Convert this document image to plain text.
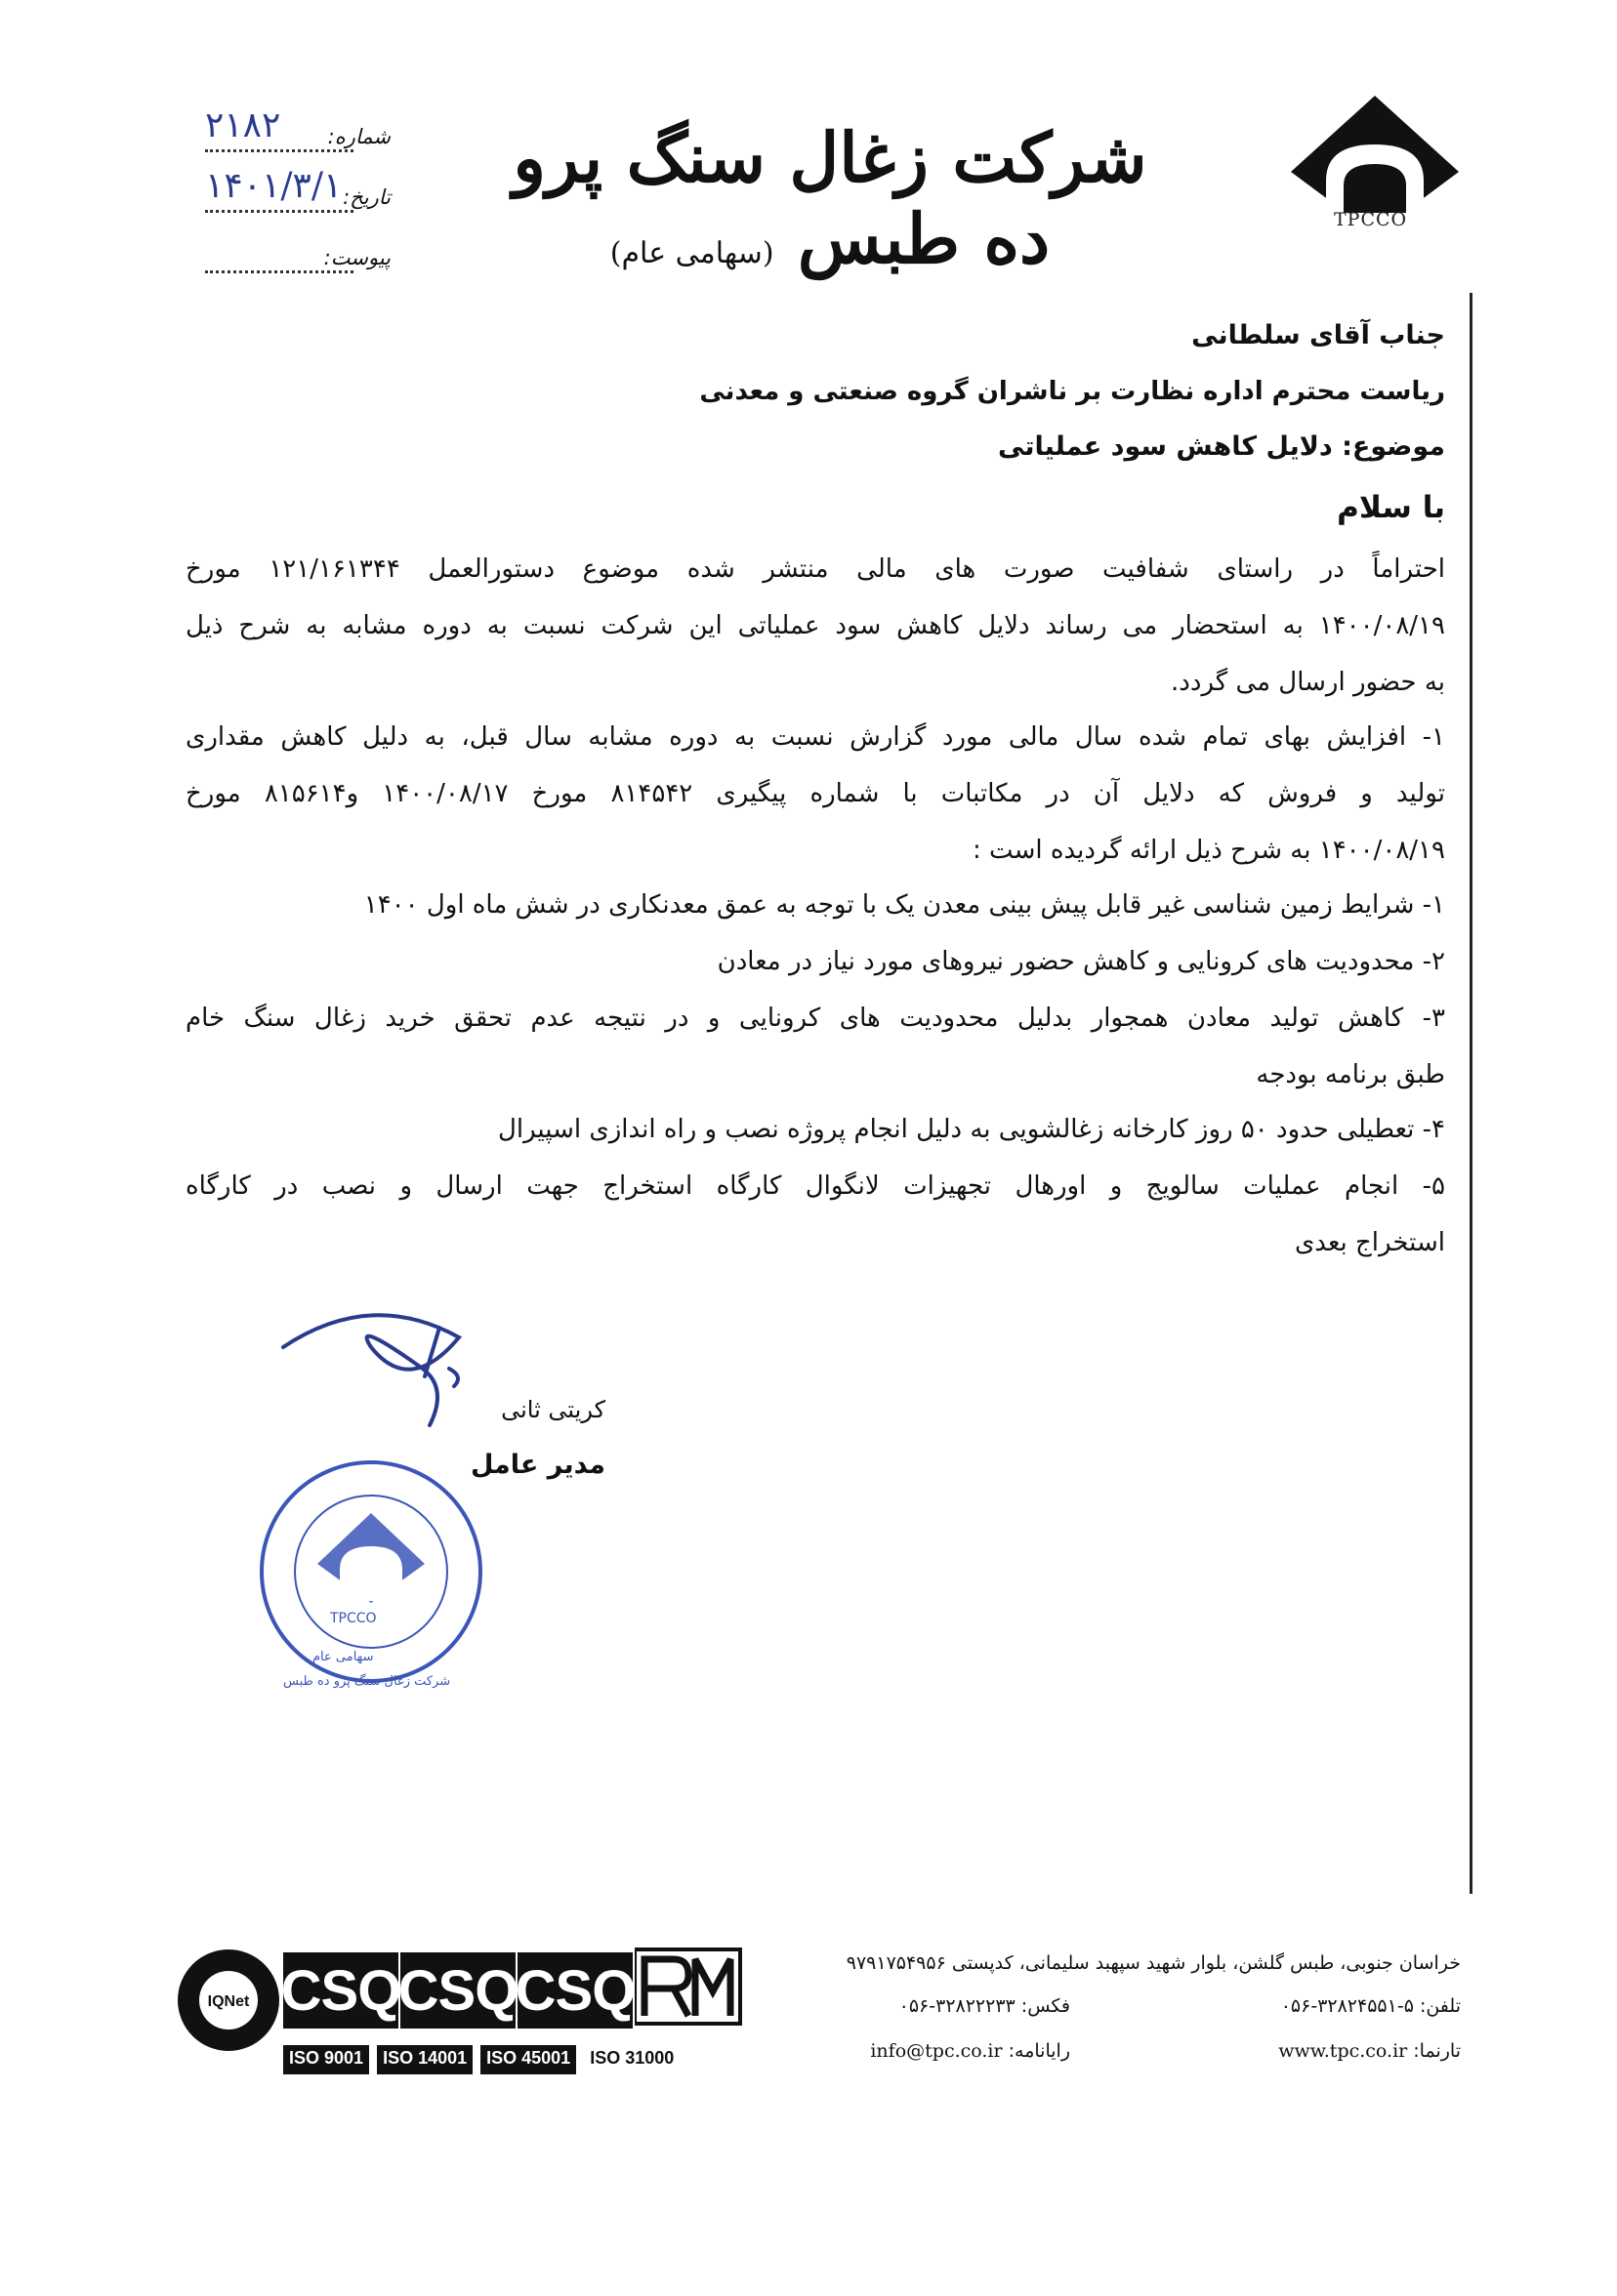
TPCCO
شرکت زغال سنگ پرو ده طبس (سهامی عام)
شماره:
٢١٨٢
تاریخ:
١۴٠١/٣/١
پیوست:
جناب آقای سلطانی
ریاست محترم اداره نظارت بر ناشران گروه صنعتی و معدنی
موضوع: دلایل کاهش سود عملیاتی
با سلام
احتراماً در راستای شفافیت صورت های مالی منتشر شده موضوع دستورالعمل ۱۲۱/۱۶۱۳۴۴ مورخ
۱۴۰۰/۰۸/۱۹ به استحضار می رساند دلایل کاهش سود عملیاتی این شرکت نسبت به دوره مشابه به شرح ذیل
به حضور ارسال می گردد.
۱- افزایش بهای تمام شده سال مالی مورد گزارش نسبت به دوره مشابه سال قبل، به دلیل کاهش مقداری
تولید و فروش که دلایل آن در مکاتبات با شماره پیگیری ۸۱۴۵۴۲ مورخ ۱۴۰۰/۰۸/۱۷ و۸۱۵۶۱۴ مورخ
۱۴۰۰/۰۸/۱۹ به شرح ذیل ارائه گردیده است :
۱- شرایط زمین شناسی غیر قابل پیش بینی معدن یک با توجه به عمق معدنکاری در شش ماه اول ۱۴۰۰
۲- محدودیت های کرونایی و کاهش حضور نیروهای مورد نیاز در معادن
۳- کاهش تولید معادن همجوار بدلیل محدودیت های کرونایی و در نتیجه عدم تحقق خرید زغال سنگ خام
طبق برنامه بودجه
۴- تعطیلی حدود ۵۰ روز کارخانه زغالشویی به دلیل انجام پروژه نصب و راه اندازی اسپیرال
۵- انجام عملیات سالویج و اورهال تجهیزات لانگوال کارگاه استخراج جهت ارسال و نصب در کارگاه
استخراج بعدی
شرکت زغال سنگ پرو ده طبس
TPCCO
سهامی عام
کریتی ثانی
مدیر عامل
خراسان جنوبی، طبس گلشن، بلوار شهید سپهبد سلیمانی، کدپستی ۹۷۹۱۷۵۴۹۵۶
تلفن: ۵-۳۲۸۲۴۵۵۱-۰۵۶
فکس: ۳۲۸۲۲۲۳۳-۰۵۶
تارنما: www.tpc.co.ir
رایانامه: info@tpc.co.ir
IQNet CSQ
CSQ
CSQ
ISO 9001	ISO 14001	ISO 45001	ISO 31000
